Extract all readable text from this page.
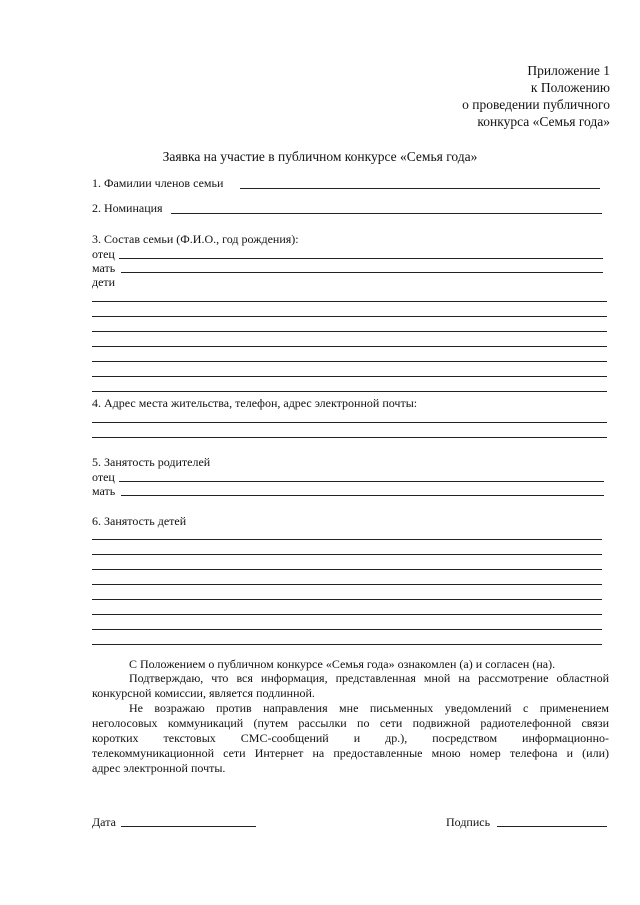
Приложение 1
к Положению
о проведении публичного
конкурса «Семья года»
Заявка на участие в публичном конкурсе «Семья года»
1. Фамилии членов семьи
2. Номинация
3. Состав семьи (Ф.И.О., год рождения):
отец
мать
дети
4. Адрес места жительства, телефон, адрес электронной почты:
5. Занятость родителей
отец
мать
6. Занятость детей
С Положением о публичном конкурсе «Семья года» ознакомлен (а) и согласен (на).
Подтверждаю, что вся информация, представленная мной на рассмотрение областной
конкурсной комиссии, является подлинной.
Не возражаю против направления мне письменных уведомлений с применением
неголосовых коммуникаций (путем рассылки по сети подвижной радиотелефонной связи
коротких текстовых СМС-сообщений и др.), посредством информационно-
телекоммуникационной сети Интернет на предоставленные мною номер телефона и (или)
адрес электронной почты.
Дата	Подпись
